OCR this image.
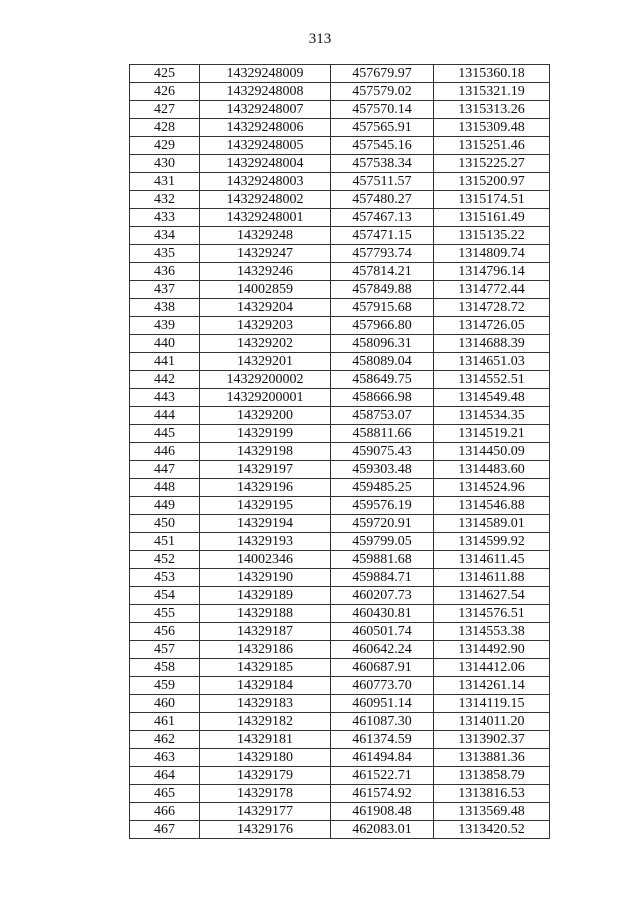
313
425	14329248009	457679.97	1315360.18
426	14329248008	457579.02	1315321.19
427	14329248007	457570.14	1315313.26
428	14329248006	457565.91	1315309.48
429	14329248005	457545.16	1315251.46
430	14329248004	457538.34	1315225.27
431	14329248003	457511.57	1315200.97
432	14329248002	457480.27	1315174.51
433	14329248001	457467.13	1315161.49
434	14329248	457471.15	1315135.22
435	14329247	457793.74	1314809.74
436	14329246	457814.21	1314796.14
437	14002859	457849.88	1314772.44
438	14329204	457915.68	1314728.72
439	14329203	457966.80	1314726.05
440	14329202	458096.31	1314688.39
441	14329201	458089.04	1314651.03
442	14329200002	458649.75	1314552.51
443	14329200001	458666.98	1314549.48
444	14329200	458753.07	1314534.35
445	14329199	458811.66	1314519.21
446	14329198	459075.43	1314450.09
447	14329197	459303.48	1314483.60
448	14329196	459485.25	1314524.96
449	14329195	459576.19	1314546.88
450	14329194	459720.91	1314589.01
451	14329193	459799.05	1314599.92
452	14002346	459881.68	1314611.45
453	14329190	459884.71	1314611.88
454	14329189	460207.73	1314627.54
455	14329188	460430.81	1314576.51
456	14329187	460501.74	1314553.38
457	14329186	460642.24	1314492.90
458	14329185	460687.91	1314412.06
459	14329184	460773.70	1314261.14
460	14329183	460951.14	1314119.15
461	14329182	461087.30	1314011.20
462	14329181	461374.59	1313902.37
463	14329180	461494.84	1313881.36
464	14329179	461522.71	1313858.79
465	14329178	461574.92	1313816.53
466	14329177	461908.48	1313569.48
467	14329176	462083.01	1313420.52
